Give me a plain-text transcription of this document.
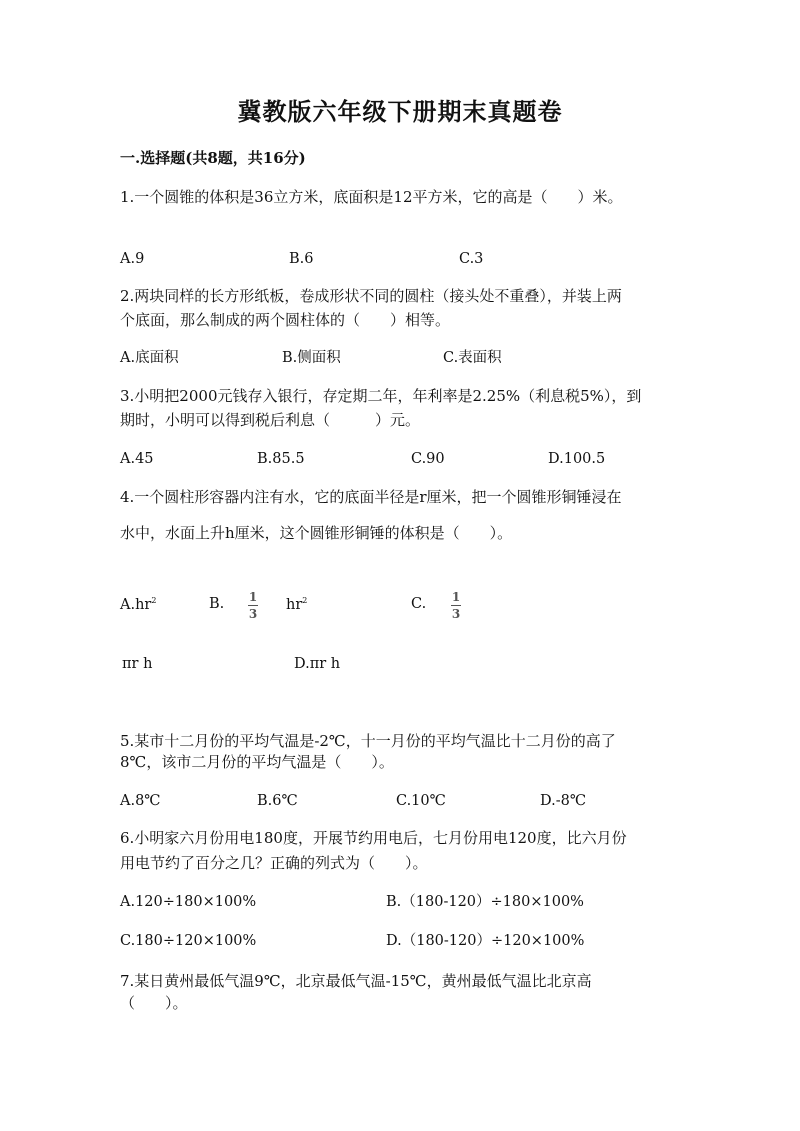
冀教版六年级下册期末真题卷
一.选择题(共8题，共16分)
1.一个圆锥的体积是36立方米，底面积是12平方米，它的高是（　　）米。
A.9	B.6	C.3
2.两块同样的长方形纸板，卷成形状不同的圆柱（接头处不重叠），并装上两
个底面，那么制成的两个圆柱体的（　　）相等。
A.底面积	B.侧面积	C.表面积
3.小明把2000元钱存入银行，存定期二年，年利率是2.25%（利息税5%），到
期时，小明可以得到税后利息（　　　）元。
A.45	B.85.5	C.90	D.100.5
4.一个圆柱形容器内注有水，它的底面半径是r厘米，把一个圆锥形铜锤浸在
水中，水面上升h厘米，这个圆锥形铜锤的体积是（　　）。
$A.hr^2$	B. 1
3
$hr^2$	C. 1
3
πr h	D.πr h
5.某市十二月份的平均气温是-2℃，十一月份的平均气温比十二月份的高了
8℃，该市二月份的平均气温是（　　）。
A.8℃	B.6℃	C.10℃	D.-8℃
6.小明家六月份用电180度，开展节约用电后，七月份用电120度，比六月份
用电节约了百分之几？正确的列式为（　　）。
A.120÷180×100%	B.（180-120）÷180×100%
C.180÷120×100%	D.（180-120）÷120×100%
7.某日黄州最低气温9℃，北京最低气温-15℃，黄州最低气温比北京高
（　　）。
